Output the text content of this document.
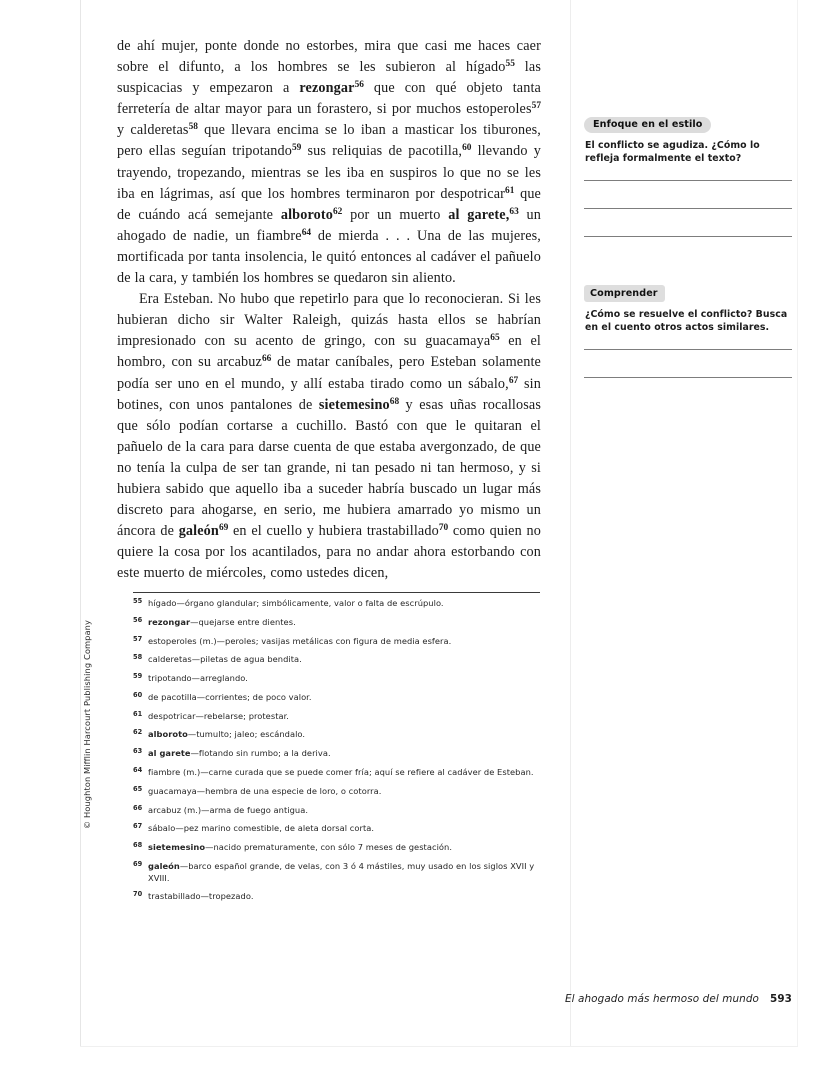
de ahí mujer, ponte donde no estorbes, mira que casi me haces caer sobre el difunto, a los hombres se les subieron al hígado$^{55}$ las suspicacias y empezaron a rezongar$^{56}$ que con qué objeto tanta ferretería de altar mayor para un forastero, si por muchos estoperoles$^{57}$ y calderetas$^{58}$ que llevara encima se lo iban a masticar los tiburones, pero ellas seguían tripotando$^{59}$ sus reliquias de pacotilla,$^{60}$ llevando y trayendo, tropezando, mientras se les iba en suspiros lo que no se les iba en lágrimas, así que los hombres terminaron por despotricar$^{61}$ que de cuándo acá semejante alboroto$^{62}$ por un muerto al garete,$^{63}$ un ahogado de nadie, un fiambre$^{64}$ de mierda . . . Una de las mujeres, mortificada por tanta insolencia, le quitó entonces al cadáver el pañuelo de la cara, y también los hombres se quedaron sin aliento.

Era Esteban. No hubo que repetirlo para que lo reconocieran. Si les hubieran dicho sir Walter Raleigh, quizás hasta ellos se habrían impresionado con su acento de gringo, con su guacamaya$^{65}$ en el hombro, con su arcabuz$^{66}$ de matar caníbales, pero Esteban solamente podía ser uno en el mundo, y allí estaba tirado como un sábalo,$^{67}$ sin botines, con unos pantalones de sietemesino$^{68}$ y esas uñas rocallosas que sólo podían cortarse a cuchillo. Bastó con que le quitaran el pañuelo de la cara para darse cuenta de que estaba avergonzado, de que no tenía la culpa de ser tan grande, ni tan pesado ni tan hermoso, y si hubiera sabido que aquello iba a suceder habría buscado un lugar más discreto para ahogarse, en serio, me hubiera amarrado yo mismo un áncora de galeón$^{69}$ en el cuello y hubiera trastabillado$^{70}$ como quien no quiere la cosa por los acantilados, para no andar ahora estorbando con este muerto de miércoles, como ustedes dicen,

55 hígado—órgano glandular; simbólicamente, valor o falta de escrúpulo.
56 rezongar—quejarse entre dientes.
57 estoperoles (m.)—peroles; vasijas metálicas con figura de media esfera.
58 calderetas—piletas de agua bendita.
59 tripotando—arreglando.
60 de pacotilla—corrientes; de poco valor.
61 despotricar—rebelarse; protestar.
62 alboroto—tumulto; jaleo; escándalo.
63 al garete—flotando sin rumbo; a la deriva.
64 fiambre (m.)—carne curada que se puede comer fría; aquí se refiere al cadáver de Esteban.
65 guacamaya—hembra de una especie de loro, o cotorra.
66 arcabuz (m.)—arma de fuego antigua.
67 sábalo—pez marino comestible, de aleta dorsal corta.
68 sietemesino—nacido prematuramente, con sólo 7 meses de gestación.
69 galeón—barco español grande, de velas, con 3 ó 4 mástiles, muy usado en los siglos XVII y XVIII.
70 trastabillado—tropezado.
Enfoque en el estilo

El conflicto se agudiza. ¿Cómo lo refleja formalmente el texto?

Comprender

¿Cómo se resuelve el conflicto? Busca en el cuento otros actos similares.

© Houghton Mifflin Harcourt Publishing Company
El ahogado más hermoso del mundo 593
